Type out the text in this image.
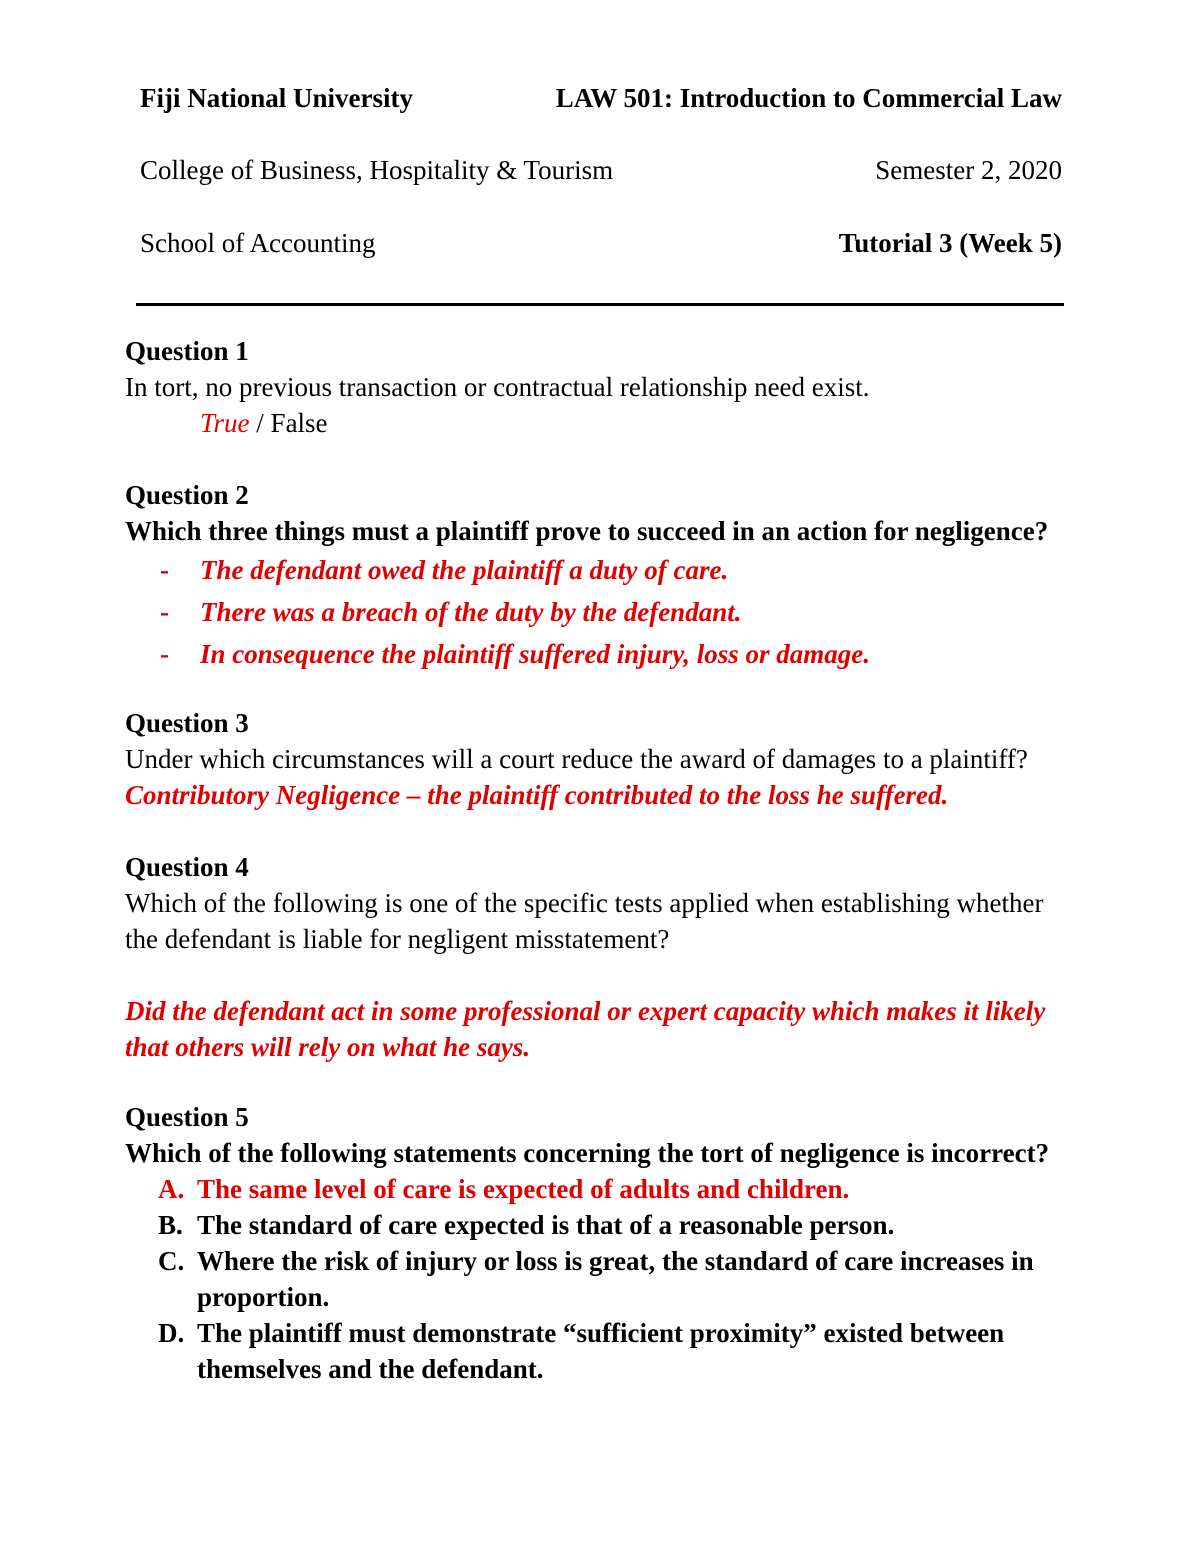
Fiji National University	LAW 501: Introduction to Commercial Law
College of Business, Hospitality & Tourism	Semester 2, 2020
School of Accounting	Tutorial 3 (Week 5)

Question 1

In tort, no previous transaction or contractual relationship need exist.

True / False

Question 2

Which three things must a plaintiff prove to succeed in an action for negligence?

-	The defendant owed the plaintiff a duty of care.
-	There was a breach of the duty by the defendant.
-	In consequence the plaintiff suffered injury, loss or damage.

Question 3

Under which circumstances will a court reduce the award of damages to a plaintiff?

Contributory Negligence – the plaintiff contributed to the loss he suffered.

Question 4

Which of the following is one of the specific tests applied when establishing whether the defendant is liable for negligent misstatement?

Did the defendant act in some professional or expert capacity which makes it likely that others will rely on what he says.

Question 5

Which of the following statements concerning the tort of negligence is incorrect?

A. The same level of care is expected of adults and children.
B. The standard of care expected is that of a reasonable person.
C. Where the risk of injury or loss is great, the standard of care increases in proportion.
D. The plaintiff must demonstrate “sufficient proximity” existed between themselves and the defendant.
